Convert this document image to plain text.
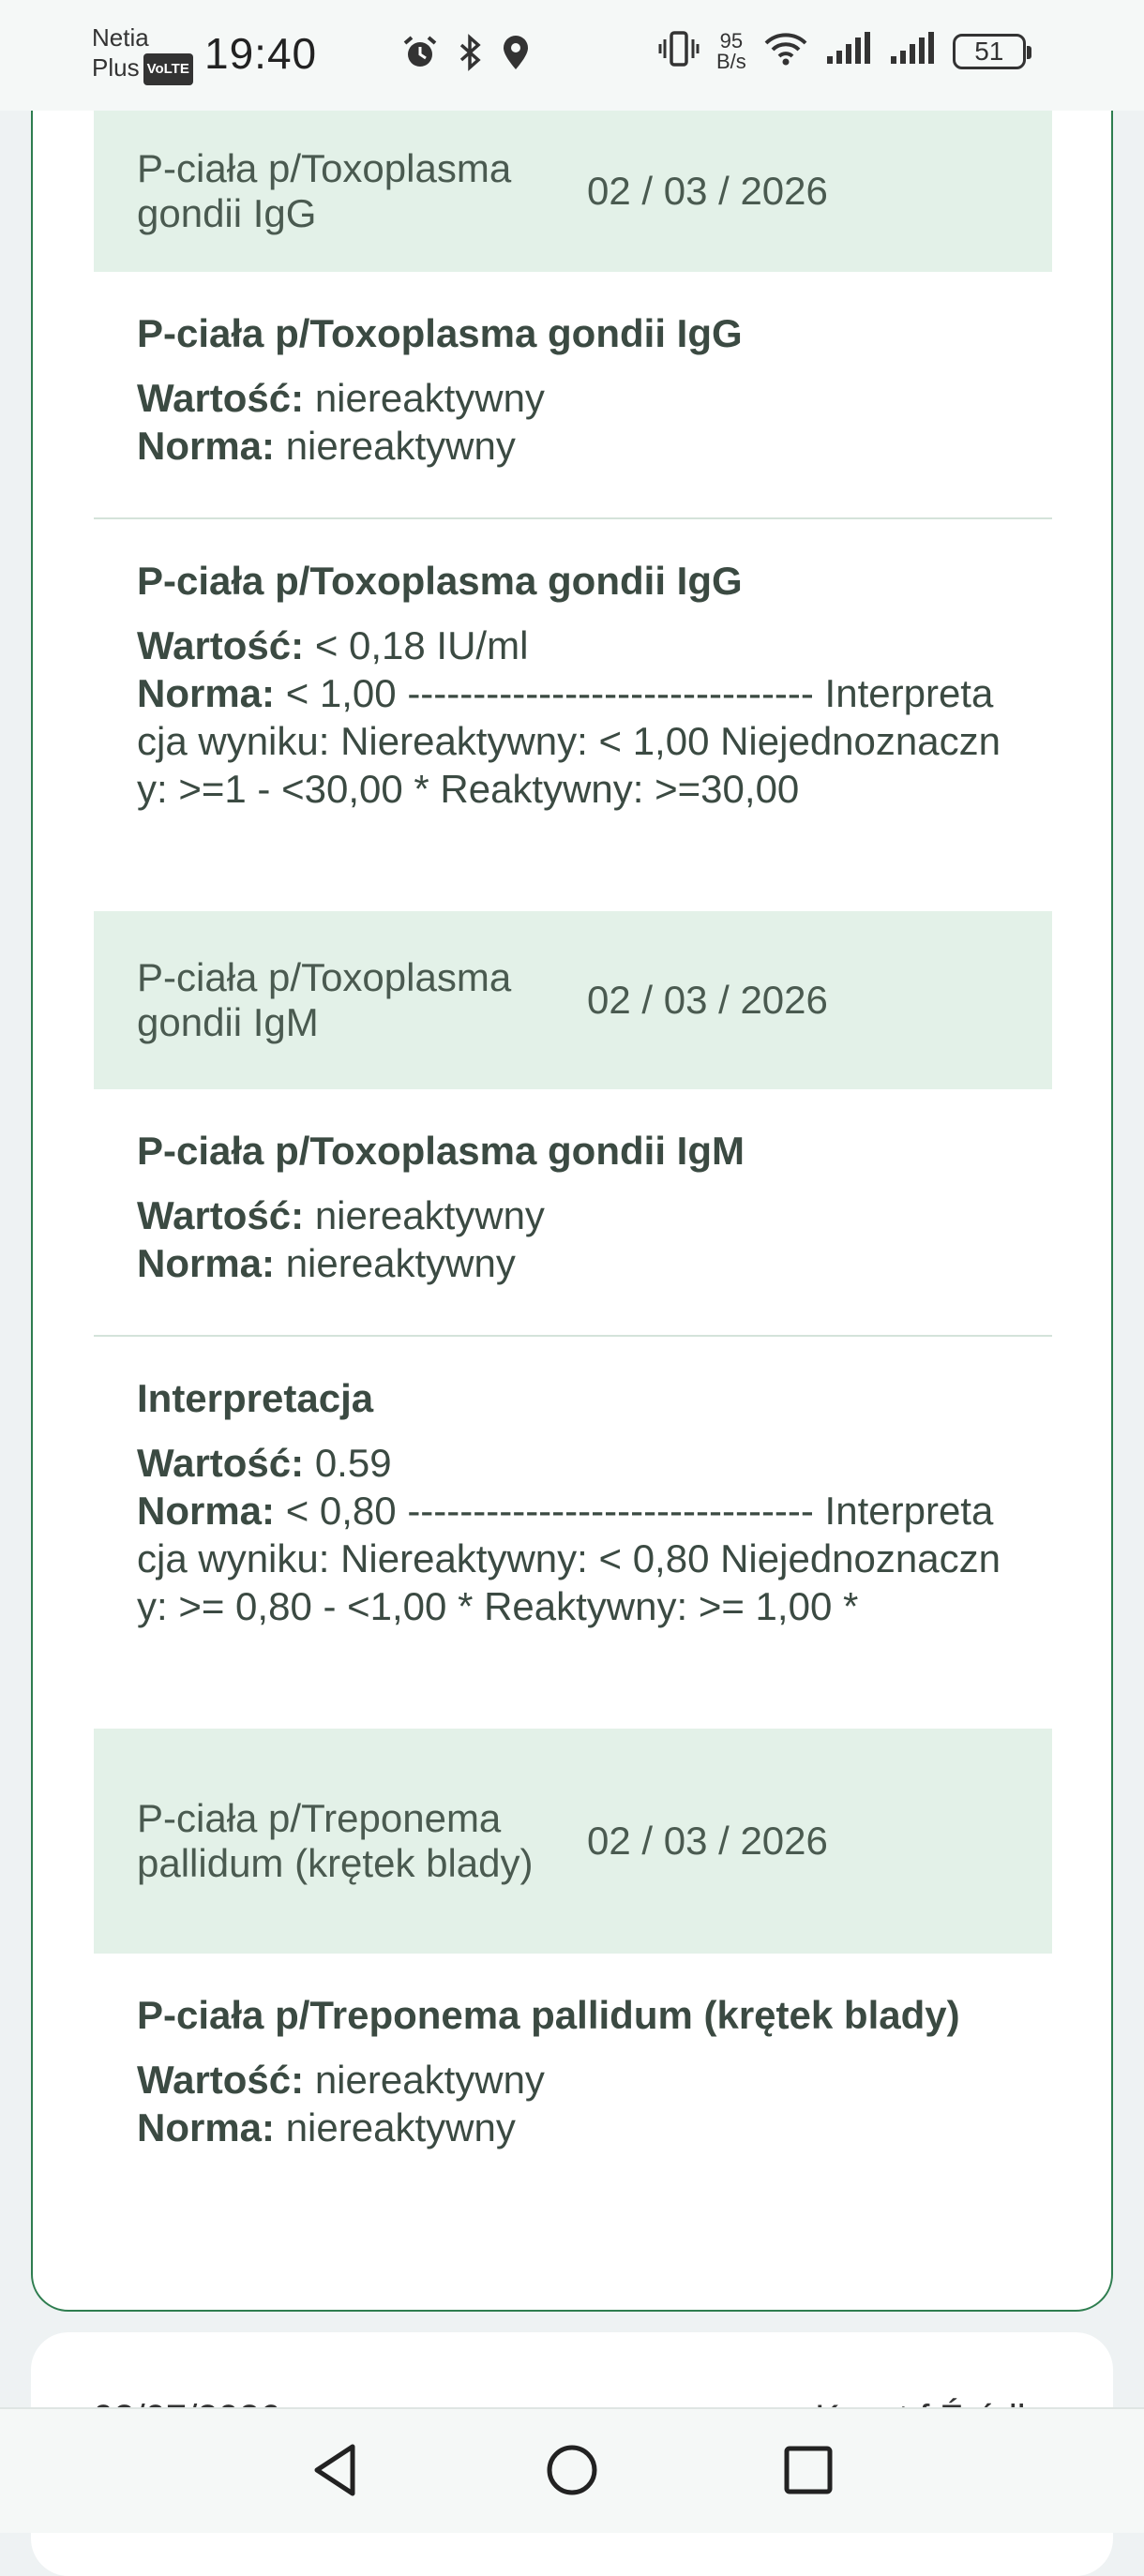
Netia
Plus VoLTE 19:40	95
B/s	51
P-ciała p/Toxoplasma gondii IgG
02 / 03 / 2026
P-ciała p/Toxoplasma gondii IgG
Wartość: niereaktywny
Norma: niereaktywny
P-ciała p/Toxoplasma gondii IgG
Wartość: < 0,18 IU/ml
Norma: < 1,00 ------------------------------- Interpretacja wyniku: Niereaktywny: < 1,00 Niejednoznaczny: >=1 - <30,00 * Reaktywny: >=30,00
P-ciała p/Toxoplasma gondii IgM
02 / 03 / 2026
P-ciała p/Toxoplasma gondii IgM
Wartość: niereaktywny
Norma: niereaktywny
Interpretacja
Wartość: 0.59
Norma: < 0,80 ------------------------------- Interpretacja wyniku: Niereaktywny: < 0,80 Niejednoznaczny: >= 0,80 - <1,00 * Reaktywny: >= 1,00 *
P-ciała p/Treponema pallidum (krętek blady)
02 / 03 / 2026
P-ciała p/Treponema pallidum (krętek blady)
Wartość: niereaktywny
Norma: niereaktywny
